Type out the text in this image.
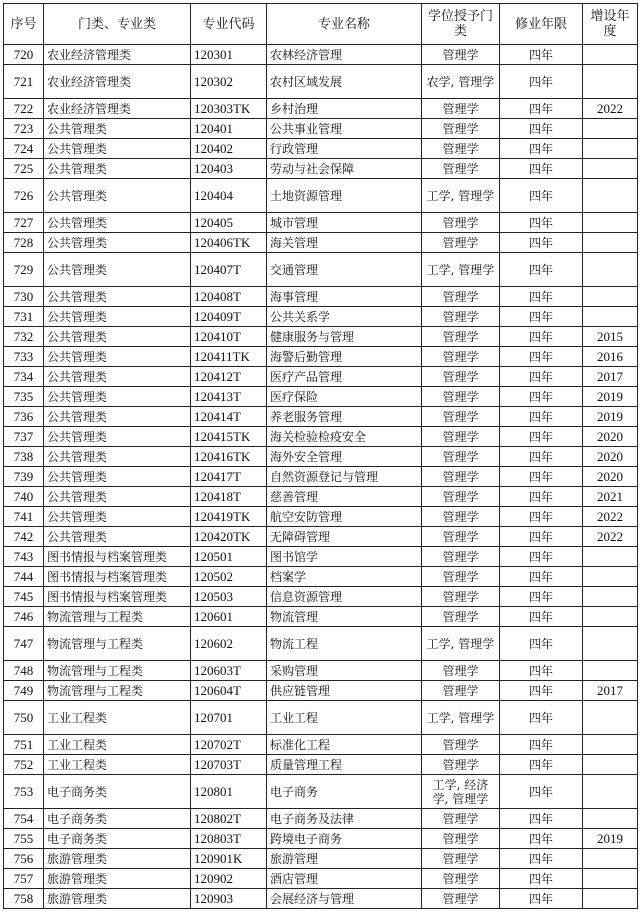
序号	门类、专业类	专业代码	专业名称	学位授予门类	修业年限	增设年度
720	农业经济管理类	120301	农林经济管理	管理学	四年	
721	农业经济管理类	120302	农村区域发展	农学, 管理学	四年	
722	农业经济管理类	120303TK	乡村治理	管理学	四年	2022
723	公共管理类	120401	公共事业管理	管理学	四年	
724	公共管理类	120402	行政管理	管理学	四年	
725	公共管理类	120403	劳动与社会保障	管理学	四年	
726	公共管理类	120404	土地资源管理	工学, 管理学	四年	
727	公共管理类	120405	城市管理	管理学	四年	
728	公共管理类	120406TK	海关管理	管理学	四年	
729	公共管理类	120407T	交通管理	工学, 管理学	四年	
730	公共管理类	120408T	海事管理	管理学	四年	
731	公共管理类	120409T	公共关系学	管理学	四年	
732	公共管理类	120410T	健康服务与管理	管理学	四年	2015
733	公共管理类	120411TK	海警后勤管理	管理学	四年	2016
734	公共管理类	120412T	医疗产品管理	管理学	四年	2017
735	公共管理类	120413T	医疗保险	管理学	四年	2019
736	公共管理类	120414T	养老服务管理	管理学	四年	2019
737	公共管理类	120415TK	海关检验检疫安全	管理学	四年	2020
738	公共管理类	120416TK	海外安全管理	管理学	四年	2020
739	公共管理类	120417T	自然资源登记与管理	管理学	四年	2020
740	公共管理类	120418T	慈善管理	管理学	四年	2021
741	公共管理类	120419TK	航空安防管理	管理学	四年	2022
742	公共管理类	120420TK	无障碍管理	管理学	四年	2022
743	图书情报与档案管理类	120501	图书馆学	管理学	四年	
744	图书情报与档案管理类	120502	档案学	管理学	四年	
745	图书情报与档案管理类	120503	信息资源管理	管理学	四年	
746	物流管理与工程类	120601	物流管理	管理学	四年	
747	物流管理与工程类	120602	物流工程	工学, 管理学	四年	
748	物流管理与工程类	120603T	采购管理	管理学	四年	
749	物流管理与工程类	120604T	供应链管理	管理学	四年	2017
750	工业工程类	120701	工业工程	工学, 管理学	四年	
751	工业工程类	120702T	标准化工程	管理学	四年	
752	工业工程类	120703T	质量管理工程	管理学	四年	
753	电子商务类	120801	电子商务	工学, 经济学, 管理学	四年	
754	电子商务类	120802T	电子商务及法律	管理学	四年	
755	电子商务类	120803T	跨境电子商务	管理学	四年	2019
756	旅游管理类	120901K	旅游管理	管理学	四年	
757	旅游管理类	120902	酒店管理	管理学	四年	
758	旅游管理类	120903	会展经济与管理	管理学	四年	
